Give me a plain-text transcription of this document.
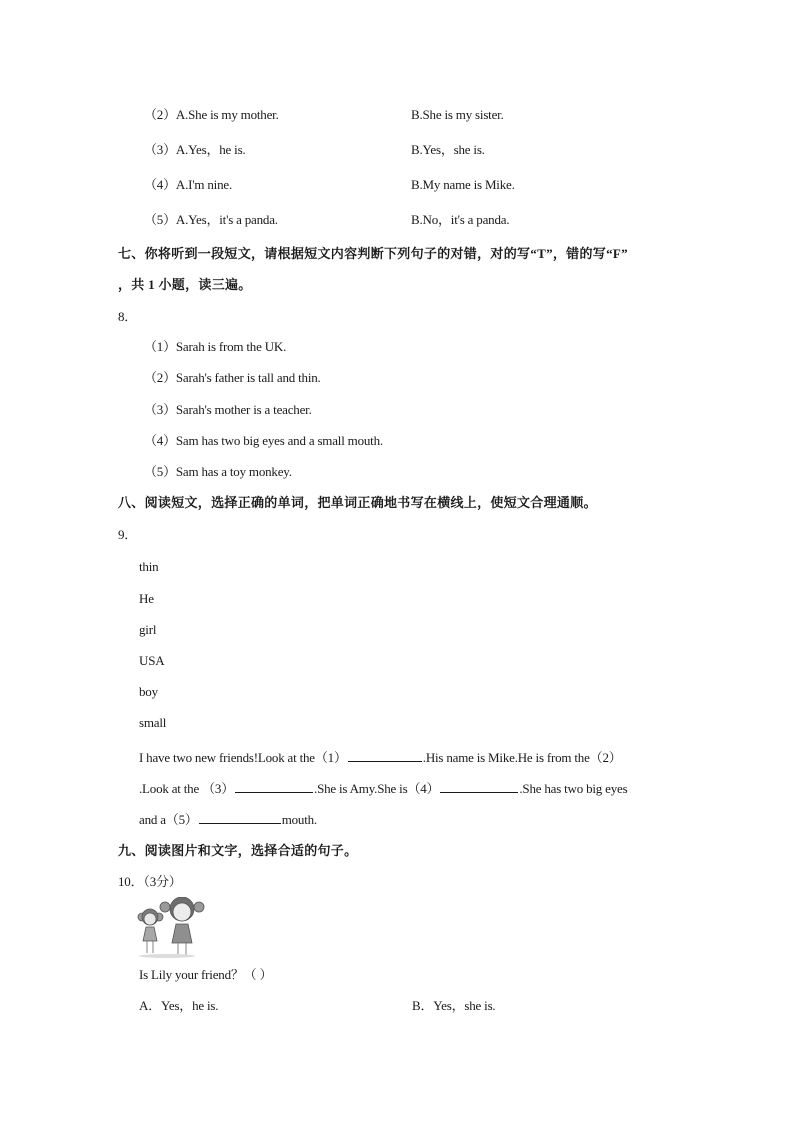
（2）A.She is my mother.	B.She is my sister.
（3）A.Yes，he is.	B.Yes，she is.
（4）A.I'm nine.	B.My name is Mike.
（5）A.Yes，it's a panda.	B.No，it's a panda.
七、你将听到一段短文，请根据短文内容判断下列句子的对错，对的写“T”，错的写“F”
，共 1 小题，读三遍。
8．
（1）Sarah is from the UK.
（2）Sarah's father is tall and thin.
（3）Sarah's mother is a teacher.
（4）Sam has two big eyes and a small mouth.
（5）Sam has a toy monkey.
八、阅读短文，选择正确的单词，把单词正确地书写在横线上，使短文合理通顺。
9．
thin
He
girl
USA
boy
small
I have two new friends!Look at the（1）	.His name is Mike.He is from the（2）
.Look at the （3）	.She is Amy.She is（4）	.She has two big eyes
and a（5）	mouth.
九、阅读图片和文字，选择合适的句子。
10．（3分）
Is Lily your friend？（ ）
A．Yes，he is.	B．Yes，she is.
